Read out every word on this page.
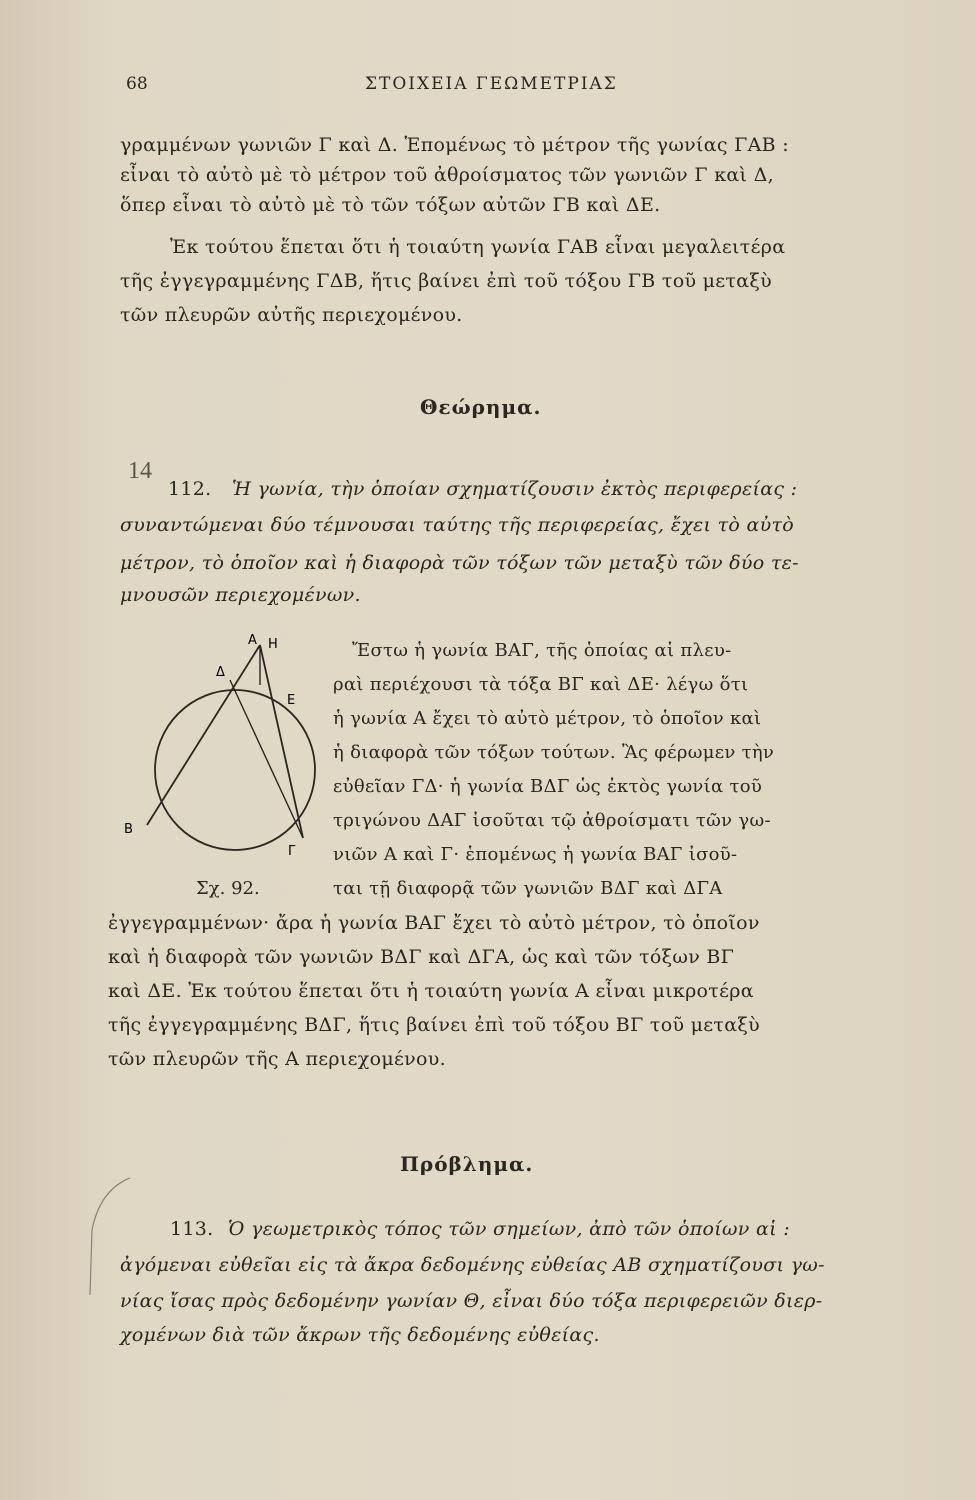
68	ΣΤΟΙΧΕΙΑ ΓΕΩΜΕΤΡΙΑΣ
γραμμένων γωνιῶν Γ καὶ Δ. Ἑπομένως τὸ μέτρον τῆς γωνίας ΓΑΒ :
εἶναι τὸ αὐτὸ μὲ τὸ μέτρον τοῦ ἀθροίσματος τῶν γωνιῶν Γ καὶ Δ,
ὅπερ εἶναι τὸ αὐτὸ μὲ τὸ τῶν τόξων αὐτῶν ΓΒ καὶ ΔΕ.
Ἐκ τούτου ἕπεται ὅτι ἡ τοιαύτη γωνία ΓΑΒ εἶναι μεγαλειτέρα
τῆς ἐγγεγραμμένης ΓΔΒ, ἥτις βαίνει ἐπὶ τοῦ τόξου ΓΒ τοῦ μεταξὺ
τῶν πλευρῶν αὐτῆς περιεχομένου.
Θεώρημα.
14
112. Ἡ γωνία, τὴν ὁποίαν σχηματίζουσιν ἐκτὸς περιφερείας :
συναντώμεναι δύο τέμνουσαι ταύτης τῆς περιφερείας, ἔχει τὸ αὐτὸ
μέτρον, τὸ ὁποῖον καὶ ἡ διαφορὰ τῶν τόξων τῶν μεταξὺ τῶν δύο τε-
μνουσῶν περιεχομένων.
Α Η
Δ
Ε
Β
Γ
Σχ. 92.
Ἔστω ἡ γωνία ΒΑΓ, τῆς ὁποίας αἱ πλευ-
ραὶ περιέχουσι τὰ τόξα ΒΓ καὶ ΔΕ· λέγω ὅτι
ἡ γωνία Α ἔχει τὸ αὐτὸ μέτρον, τὸ ὁποῖον καὶ
ἡ διαφορὰ τῶν τόξων τούτων. Ἂς φέρωμεν τὴν
εὐθεῖαν ΓΔ· ἡ γωνία ΒΔΓ ὡς ἐκτὸς γωνία τοῦ
τριγώνου ΔΑΓ ἰσοῦται τῷ ἀθροίσματι τῶν γω-
νιῶν Α καὶ Γ· ἑπομένως ἡ γωνία ΒΑΓ ἰσοῦ-
ται τῇ διαφορᾷ τῶν γωνιῶν ΒΔΓ καὶ ΔΓΑ
ἐγγεγραμμένων· ἄρα ἡ γωνία ΒΑΓ ἔχει τὸ αὐτὸ μέτρον, τὸ ὁποῖον
καὶ ἡ διαφορὰ τῶν γωνιῶν ΒΔΓ καὶ ΔΓΑ, ὡς καὶ τῶν τόξων ΒΓ
καὶ ΔΕ. Ἐκ τούτου ἕπεται ὅτι ἡ τοιαύτη γωνία Α εἶναι μικροτέρα
τῆς ἐγγεγραμμένης ΒΔΓ, ἥτις βαίνει ἐπὶ τοῦ τόξου ΒΓ τοῦ μεταξὺ
τῶν πλευρῶν τῆς Α περιεχομένου.
Πρόβλημα.
113. Ὁ γεωμετρικὸς τόπος τῶν σημείων, ἀπὸ τῶν ὁποίων αἱ :
ἀγόμεναι εὐθεῖαι εἰς τὰ ἄκρα δεδομένης εὐθείας ΑΒ σχηματίζουσι γω-
νίας ἴσας πρὸς δεδομένην γωνίαν Θ, εἶναι δύο τόξα περιφερειῶν διερ-
χομένων διὰ τῶν ἄκρων τῆς δεδομένης εὐθείας.
